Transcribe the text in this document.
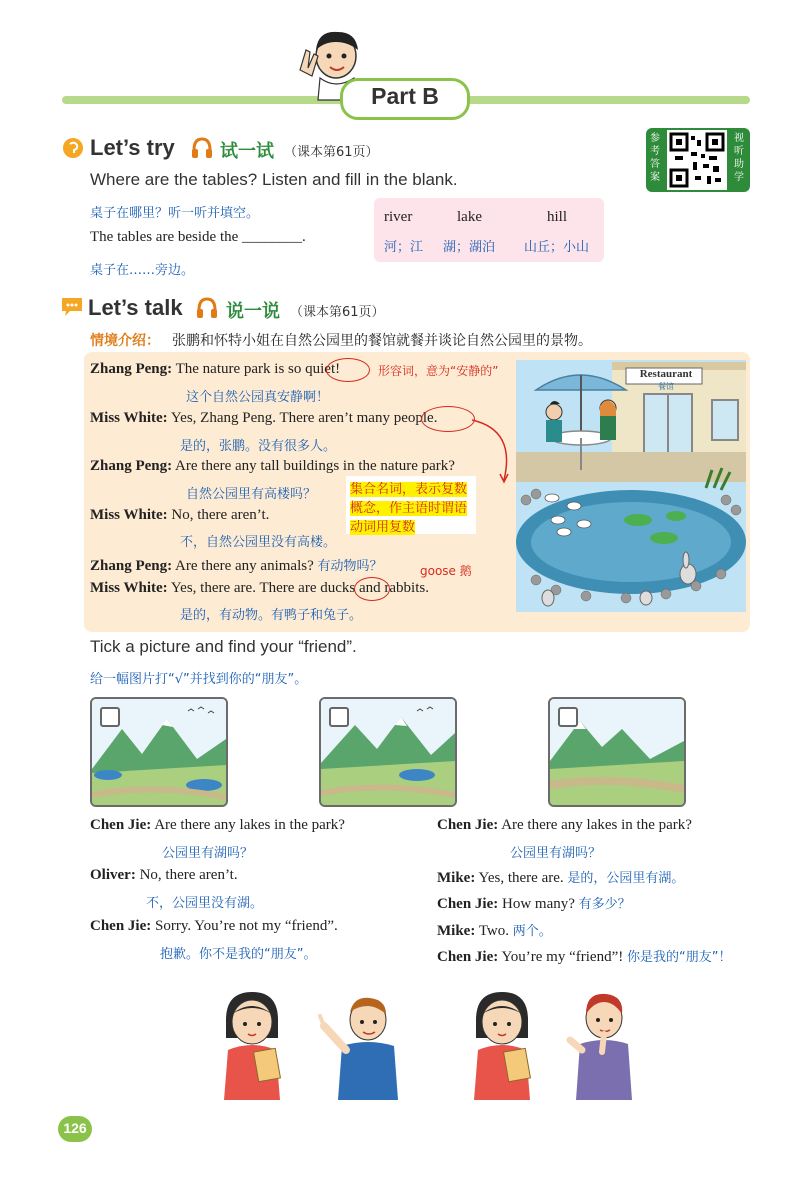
Part B
参考答案
视听助学
Let’s try	试一试 （课本第61页）
Where are the tables? Listen and fill in the blank.
桌子在哪里？听一听并填空。
The tables are beside the ________.
桌子在……旁边。
river	lake	hill
河；江 湖；湖泊 山丘；小山
Let’s talk 说一说 （课本第61页）
情境介绍： 张鹏和怀特小姐在自然公园里的餐馆就餐并谈论自然公园里的景物。
Zhang Peng: The nature park is so quiet!
这个自然公园真安静啊！
Miss White: Yes, Zhang Peng. There aren’t many people.
是的，张鹏。没有很多人。
Zhang Peng: Are there any tall buildings in the nature park?
自然公园里有高楼吗？
Miss White: No, there aren’t.
不，自然公园里没有高楼。
Zhang Peng: Are there any animals? 有动物吗？
Miss White: Yes, there are. There are ducks and rabbits.
是的，有动物。有鸭子和兔子。
形容词，意为“安静的”
集合名词，表示复数
概念，作主语时谓语
动词用复数
goose 鹅
Restaurant
餐馆
Tick a picture and find your “friend”.
给一幅图片打“√”并找到你的“朋友”。
Chen Jie: Are there any lakes in the park?
公园里有湖吗？
Oliver: No, there aren’t.
不，公园里没有湖。
Chen Jie: Sorry. You’re not my “friend”.
抱歉。你不是我的“朋友”。
Chen Jie: Are there any lakes in the park?
公园里有湖吗？
Mike: Yes, there are. 是的，公园里有湖。
Chen Jie: How many? 有多少？
Mike: Two. 两个。
Chen Jie: You’re my “friend”! 你是我的“朋友”！
126
